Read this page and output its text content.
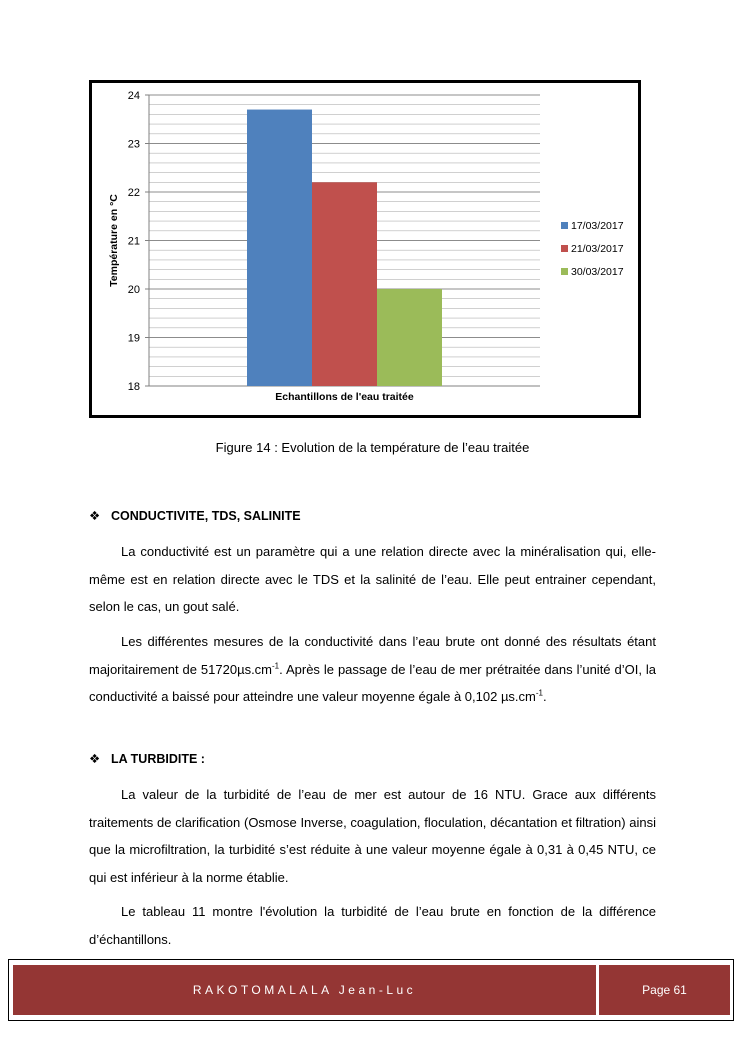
18
19
20
21
22
23
24
Echantillons de l'eau traitée
Température en °C	17/03/2017
21/03/2017
30/03/2017
Figure 14 : Evolution de la température de l’eau traitée
❖ CONDUCTIVITE, TDS, SALINITE

La conductivité est un paramètre qui a une relation directe avec la minéralisation qui, elle-même est en relation directe avec le TDS et la salinité de l’eau. Elle peut entrainer cependant, selon le cas, un gout salé.

Les différentes mesures de la conductivité dans l’eau brute ont donné des résultats étant majoritairement de $51720\mu s.cm^{-1}$. Après le passage de l’eau de mer prétraitée dans l’unité d’OI, la conductivité a baissé pour atteindre une valeur moyenne égale à 0,102 $\mu s.cm^{-1}$.

❖ LA TURBIDITE :

La valeur de la turbidité de l’eau de mer est autour de 16 NTU. Grace aux différents traitements de clarification (Osmose Inverse, coagulation, floculation, décantation et filtration) ainsi que la microfiltration, la turbidité s’est réduite à une valeur moyenne égale à 0,31 à 0,45 NTU, ce qui est inférieur à la norme établie.

Le tableau 11 montre l'évolution la turbidité de l’eau brute en fonction de la différence d’échantillons.

RAKOTOMALALA Jean-Luc	Page 61
